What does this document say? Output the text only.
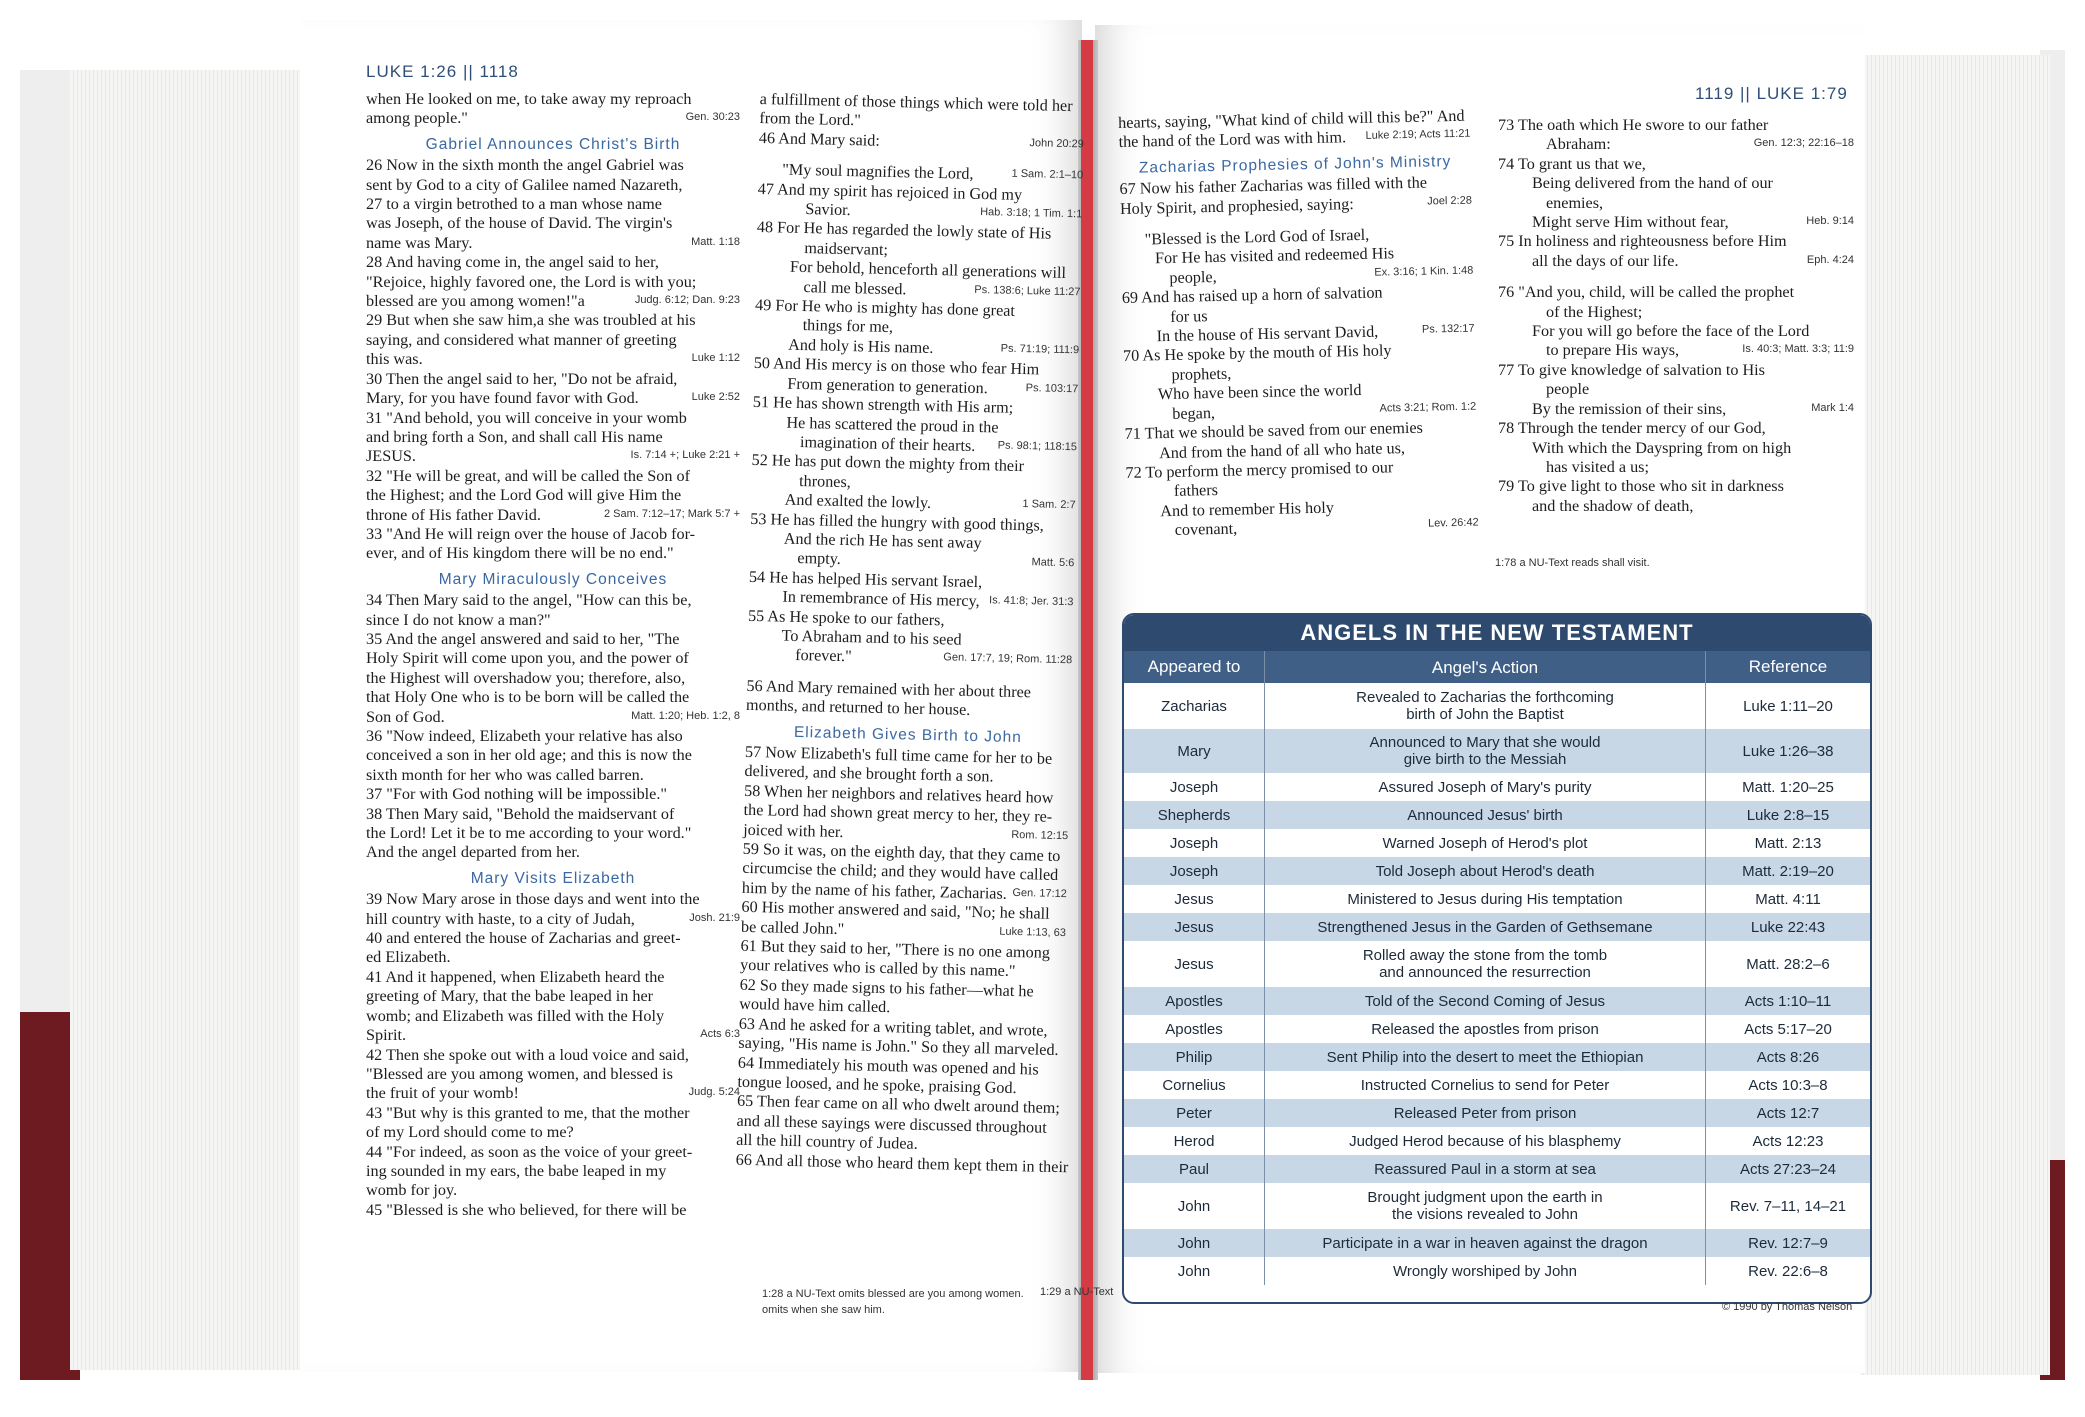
LUKE 1:26 || 1118
1119 || LUKE 1:79
when He looked on me, to take away my reproach
among people."	Gen. 30:23
Gabriel Announces Christ's Birth
26 Now in the sixth month the angel Gabriel was
sent by God to a city of Galilee named Nazareth,
27 to a virgin betrothed to a man whose name
was Joseph, of the house of David. The virgin's
name was Mary.	Matt. 1:18
28 And having come in, the angel said to her,
"Rejoice, highly favored one, the Lord is with you;
blessed are you among women!"a	Judg. 6:12; Dan. 9:23
29 But when she saw him,a she was troubled at his
saying, and considered what manner of greeting
this was.	Luke 1:12
30 Then the angel said to her, "Do not be afraid,
Mary, for you have found favor with God.	Luke 2:52
31 "And behold, you will conceive in your womb
and bring forth a Son, and shall call His name
JESUS.	Is. 7:14 +; Luke 2:21 +
32 "He will be great, and will be called the Son of
the Highest; and the Lord God will give Him the
throne of His father David.	2 Sam. 7:12–17; Mark 5:7 +
33 "And He will reign over the house of Jacob for-
ever, and of His kingdom there will be no end."
Mary Miraculously Conceives
34 Then Mary said to the angel, "How can this be,
since I do not know a man?"
35 And the angel answered and said to her, "The
Holy Spirit will come upon you, and the power of
the Highest will overshadow you; therefore, also,
that Holy One who is to be born will be called the
Son of God.	Matt. 1:20; Heb. 1:2, 8
36 "Now indeed, Elizabeth your relative has also
conceived a son in her old age; and this is now the
sixth month for her who was called barren.
37 "For with God nothing will be impossible."
38 Then Mary said, "Behold the maidservant of
the Lord! Let it be to me according to your word."
And the angel departed from her.
Mary Visits Elizabeth
39 Now Mary arose in those days and went into the
hill country with haste, to a city of Judah,	Josh. 21:9
40 and entered the house of Zacharias and greet-
ed Elizabeth.
41 And it happened, when Elizabeth heard the
greeting of Mary, that the babe leaped in her
womb; and Elizabeth was filled with the Holy
Spirit.	Acts 6:3
42 Then she spoke out with a loud voice and said,
"Blessed are you among women, and blessed is
the fruit of your womb!	Judg. 5:24
43 "But why is this granted to me, that the mother
of my Lord should come to me?
44 "For indeed, as soon as the voice of your greet-
ing sounded in my ears, the babe leaped in my
womb for joy.
45 "Blessed is she who believed, for there will be
a fulfillment of those things which were told her
from the Lord."
46 And Mary said:	John 20:29
"My soul magnifies the Lord,	1 Sam. 2:1–10
47 And my spirit has rejoiced in God my
Savior.	Hab. 3:18; 1 Tim. 1:1
48 For He has regarded the lowly state of His
maidservant;
For behold, henceforth all generations will
call me blessed.	Ps. 138:6; Luke 11:27
49 For He who is mighty has done great
things for me,
And holy is His name.	Ps. 71:19; 111:9
50 And His mercy is on those who fear Him
From generation to generation.	Ps. 103:17
51 He has shown strength with His arm;
He has scattered the proud in the
imagination of their hearts. Ps. 98:1; 118:15
52 He has put down the mighty from their
thrones,
And exalted the lowly.	1 Sam. 2:7
53 He has filled the hungry with good things,
And the rich He has sent away
empty.	Matt. 5:6
54 He has helped His servant Israel,
In remembrance of His mercy, Is. 41:8; Jer. 31:3
55 As He spoke to our fathers,
To Abraham and to his seed
forever."	Gen. 17:7, 19; Rom. 11:28
56 And Mary remained with her about three
months, and returned to her house.
Elizabeth Gives Birth to John
57 Now Elizabeth's full time came for her to be
delivered, and she brought forth a son.
58 When her neighbors and relatives heard how
the Lord had shown great mercy to her, they re-
joiced with her.	Rom. 12:15
59 So it was, on the eighth day, that they came to
circumcise the child; and they would have called
him by the name of his father, Zacharias. Gen. 17:12
60 His mother answered and said, "No; he shall
be called John."	Luke 1:13, 63
61 But they said to her, "There is no one among
your relatives who is called by this name."
62 So they made signs to his father—what he
would have him called.
63 And he asked for a writing tablet, and wrote,
saying, "His name is John." So they all marveled.
64 Immediately his mouth was opened and his
tongue loosed, and he spoke, praising God.
65 Then fear came on all who dwelt around them;
and all these sayings were discussed throughout
all the hill country of Judea.
66 And all those who heard them kept them in their
hearts, saying, "What kind of child will this be?" And
the hand of the Lord was with him. Luke 2:19; Acts 11:21
Zacharias Prophesies of John's Ministry
67 Now his father Zacharias was filled with the
Holy Spirit, and prophesied, saying:	Joel 2:28
"Blessed is the Lord God of Israel,
For He has visited and redeemed His
people,	Ex. 3:16; 1 Kin. 1:48
69 And has raised up a horn of salvation
for us
In the house of His servant David,	Ps. 132:17
70 As He spoke by the mouth of His holy
prophets,
Who have been since the world
began,	Acts 3:21; Rom. 1:2
71 That we should be saved from our enemies
And from the hand of all who hate us,
72 To perform the mercy promised to our
fathers
And to remember His holy
covenant,	Lev. 26:42
73 The oath which He swore to our father
Abraham:	Gen. 12:3; 22:16–18
74 To grant us that we,
Being delivered from the hand of our
enemies,
Might serve Him without fear,	Heb. 9:14
75 In holiness and righteousness before Him
all the days of our life.	Eph. 4:24
76 "And you, child, will be called the prophet
of the Highest;
For you will go before the face of the Lord
to prepare His ways,	Is. 40:3; Matt. 3:3; 11:9
77 To give knowledge of salvation to His
people
By the remission of their sins,	Mark 1:4
78 Through the tender mercy of our God,
With which the Dayspring from on high
has visited a us;
79 To give light to those who sit in darkness
and the shadow of death,
1:28 a NU-Text omits blessed are you among women.
omits when she saw him.
1:29 a NU-Text
1:78 a NU-Text reads shall visit.
ANGELS IN THE NEW TESTAMENT
Appeared to	Angel's Action	Reference
Zacharias	Revealed to Zacharias the forthcoming
birth of John the Baptist	Luke 1:11–20
Mary	Announced to Mary that she would
give birth to the Messiah	Luke 1:26–38
Joseph	Assured Joseph of Mary's purity	Matt. 1:20–25
Shepherds	Announced Jesus' birth	Luke 2:8–15
Joseph	Warned Joseph of Herod's plot	Matt. 2:13
Joseph	Told Joseph about Herod's death	Matt. 2:19–20
Jesus	Ministered to Jesus during His temptation	Matt. 4:11
Jesus	Strengthened Jesus in the Garden of Gethsemane	Luke 22:43
Jesus	Rolled away the stone from the tomb
and announced the resurrection	Matt. 28:2–6
Apostles	Told of the Second Coming of Jesus	Acts 1:10–11
Apostles	Released the apostles from prison	Acts 5:17–20
Philip	Sent Philip into the desert to meet the Ethiopian	Acts 8:26
Cornelius	Instructed Cornelius to send for Peter	Acts 10:3–8
Peter	Released Peter from prison	Acts 12:7
Herod	Judged Herod because of his blasphemy	Acts 12:23
Paul	Reassured Paul in a storm at sea	Acts 27:23–24
John	Brought judgment upon the earth in
the visions revealed to John	Rev. 7–11, 14–21
John	Participate in a war in heaven against the dragon	Rev. 12:7–9
John	Wrongly worshiped by John	Rev. 22:6–8
© 1990 by Thomas Nelson
